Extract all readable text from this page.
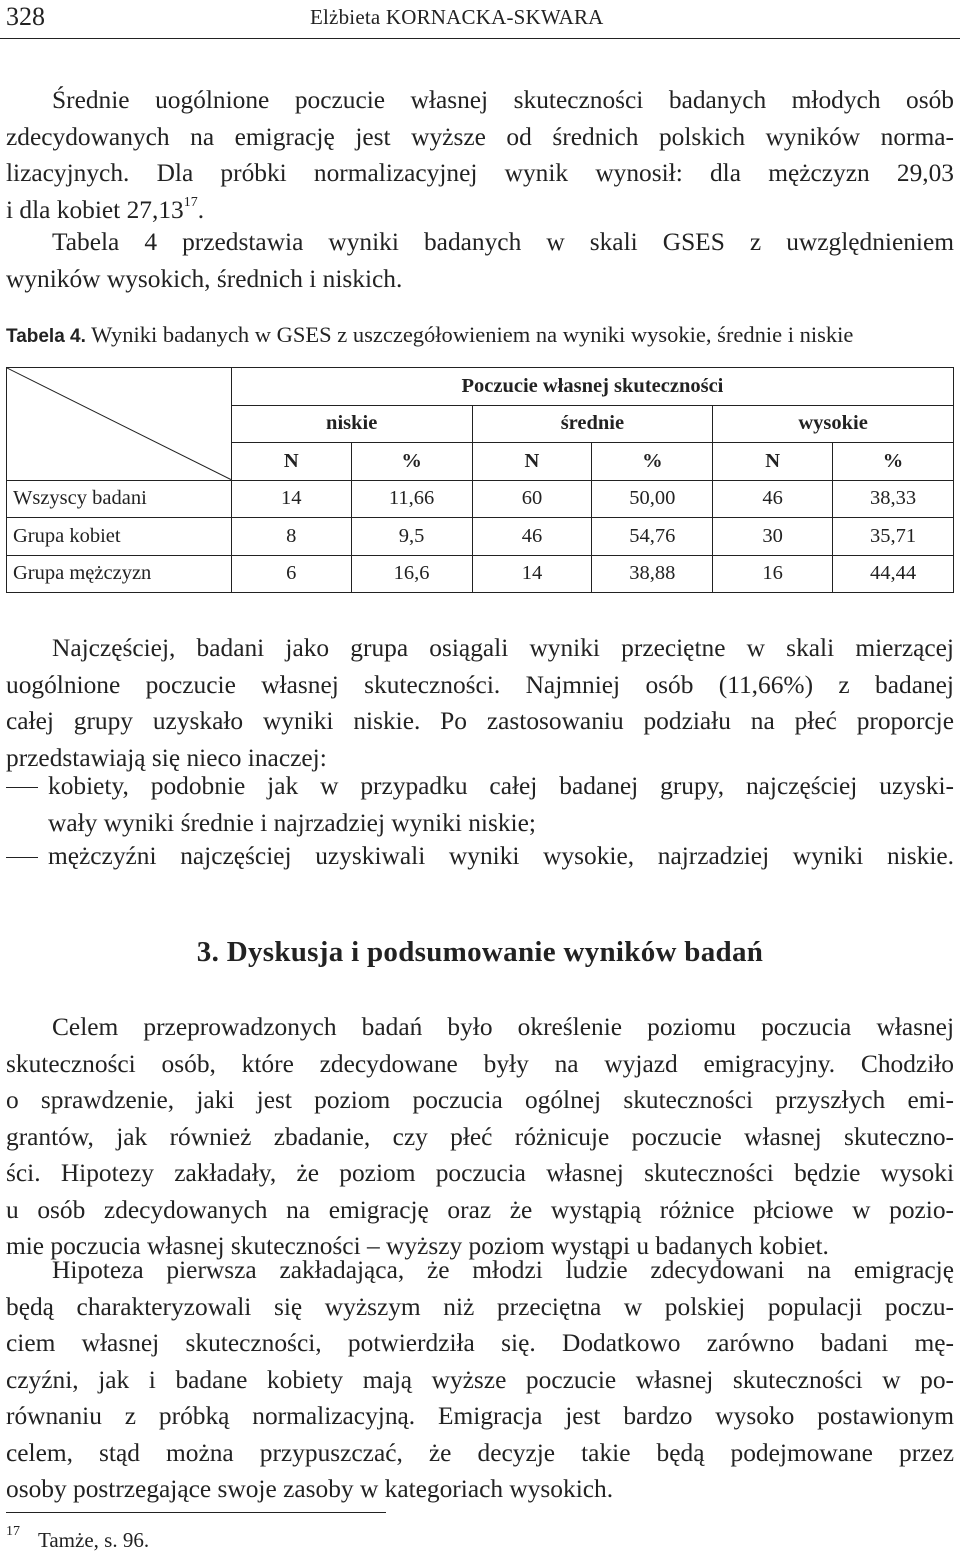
328	Elżbieta KORNACKA-SKWARA
Średnie uogólnione poczucie własnej skuteczności badanych młodych osób
zdecydowanych na emigrację jest wyższe od średnich polskich wyników norma-
lizacyjnych. Dla próbki normalizacyjnej wynik wynosił: dla mężczyzn 29,03
i dla kobiet 27,13$^{17}$.
Tabela 4 przedstawia wyniki badanych w skali GSES z uwzględnieniem
wyników wysokich, średnich i niskich.
Tabela 4. Wyniki badanych w GSES z uszczegółowieniem na wyniki wysokie, średnie i niskie
	Poczucie własnej skuteczności					
	niskie		średnie		wysokie	
	N	%	N	%	N	%
Wszyscy badani	14	11,66	60	50,00	46	38,33
Grupa kobiet	8	9,5	46	54,76	30	35,71
Grupa mężczyzn	6	16,6	14	38,88	16	44,44
Najczęściej, badani jako grupa osiągali wyniki przeciętne w skali mierzącej
uogólnione poczucie własnej skuteczności. Najmniej osób (11,66%) z badanej
całej grupy uzyskało wyniki niskie. Po zastosowaniu podziału na płeć proporcje
przedstawiają się nieco inaczej:
kobiety, podobnie jak w przypadku całej badanej grupy, najczęściej uzyski-
wały wyniki średnie i najrzadziej wyniki niskie;
mężczyźni najczęściej uzyskiwali wyniki wysokie, najrzadziej wyniki niskie.
3. Dyskusja i podsumowanie wyników badań
Celem przeprowadzonych badań było określenie poziomu poczucia własnej
skuteczności osób, które zdecydowane były na wyjazd emigracyjny. Chodziło
o sprawdzenie, jaki jest poziom poczucia ogólnej skuteczności przyszłych emi-
grantów, jak również zbadanie, czy płeć różnicuje poczucie własnej skuteczno-
ści. Hipotezy zakładały, że poziom poczucia własnej skuteczności będzie wysoki
u osób zdecydowanych na emigrację oraz że wystąpią różnice płciowe w pozio-
mie poczucia własnej skuteczności – wyższy poziom wystąpi u badanych kobiet.
Hipoteza pierwsza zakładająca, że młodzi ludzie zdecydowani na emigrację
będą charakteryzowali się wyższym niż przeciętna w polskiej populacji poczu-
ciem własnej skuteczności, potwierdziła się. Dodatkowo zarówno badani mę-
czyźni, jak i badane kobiety mają wyższe poczucie własnej skuteczności w po-
równaniu z próbką normalizacyjną. Emigracja jest bardzo wysoko postawionym
celem, stąd można przypuszczać, że decyzje takie będą podejmowane przez
osoby postrzegające swoje zasoby w kategoriach wysokich.
$^{17}$ Tamże, s. 96.
